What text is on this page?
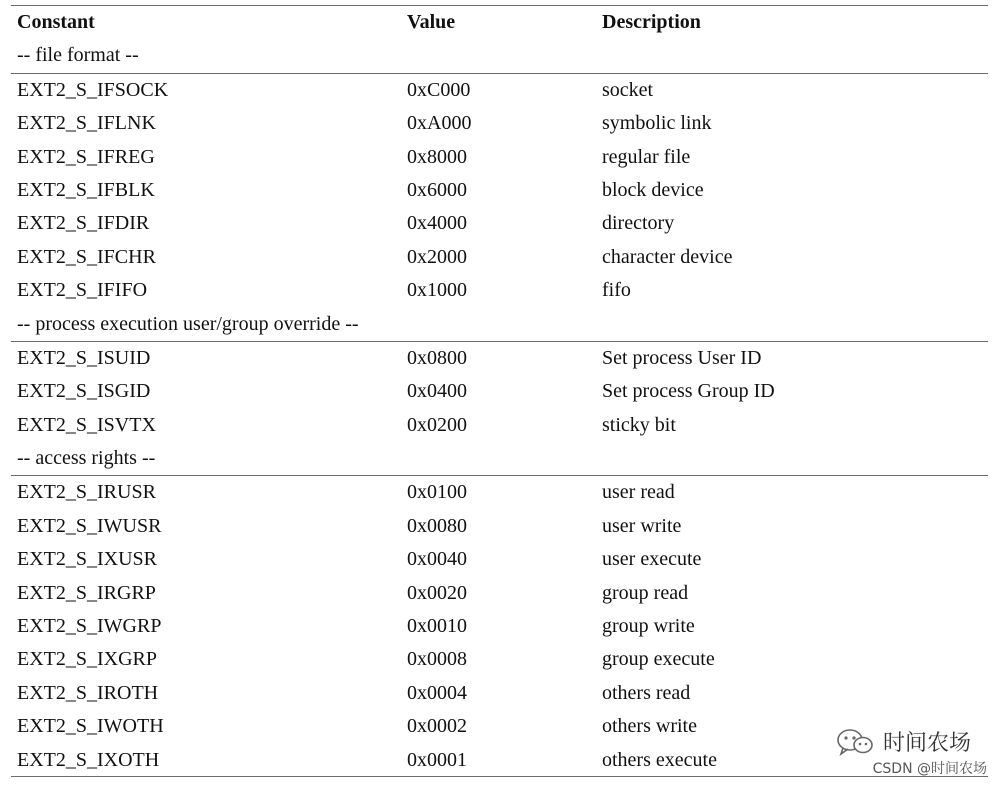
Constant	Value	Description
-- file format --
EXT2_S_IFSOCK	0xC000	socket
EXT2_S_IFLNK	0xA000	symbolic link
EXT2_S_IFREG	0x8000	regular file
EXT2_S_IFBLK	0x6000	block device
EXT2_S_IFDIR	0x4000	directory
EXT2_S_IFCHR	0x2000	character device
EXT2_S_IFIFO	0x1000	fifo
-- process execution user/group override --
EXT2_S_ISUID	0x0800	Set process User ID
EXT2_S_ISGID	0x0400	Set process Group ID
EXT2_S_ISVTX	0x0200	sticky bit
-- access rights --
EXT2_S_IRUSR	0x0100	user read
EXT2_S_IWUSR	0x0080	user write
EXT2_S_IXUSR	0x0040	user execute
EXT2_S_IRGRP	0x0020	group read
EXT2_S_IWGRP	0x0010	group write
EXT2_S_IXGRP	0x0008	group execute
EXT2_S_IROTH	0x0004	others read
EXT2_S_IWOTH	0x0002	others write
EXT2_S_IXOTH	0x0001	others execute
时间农场
CSDN @时间农场
